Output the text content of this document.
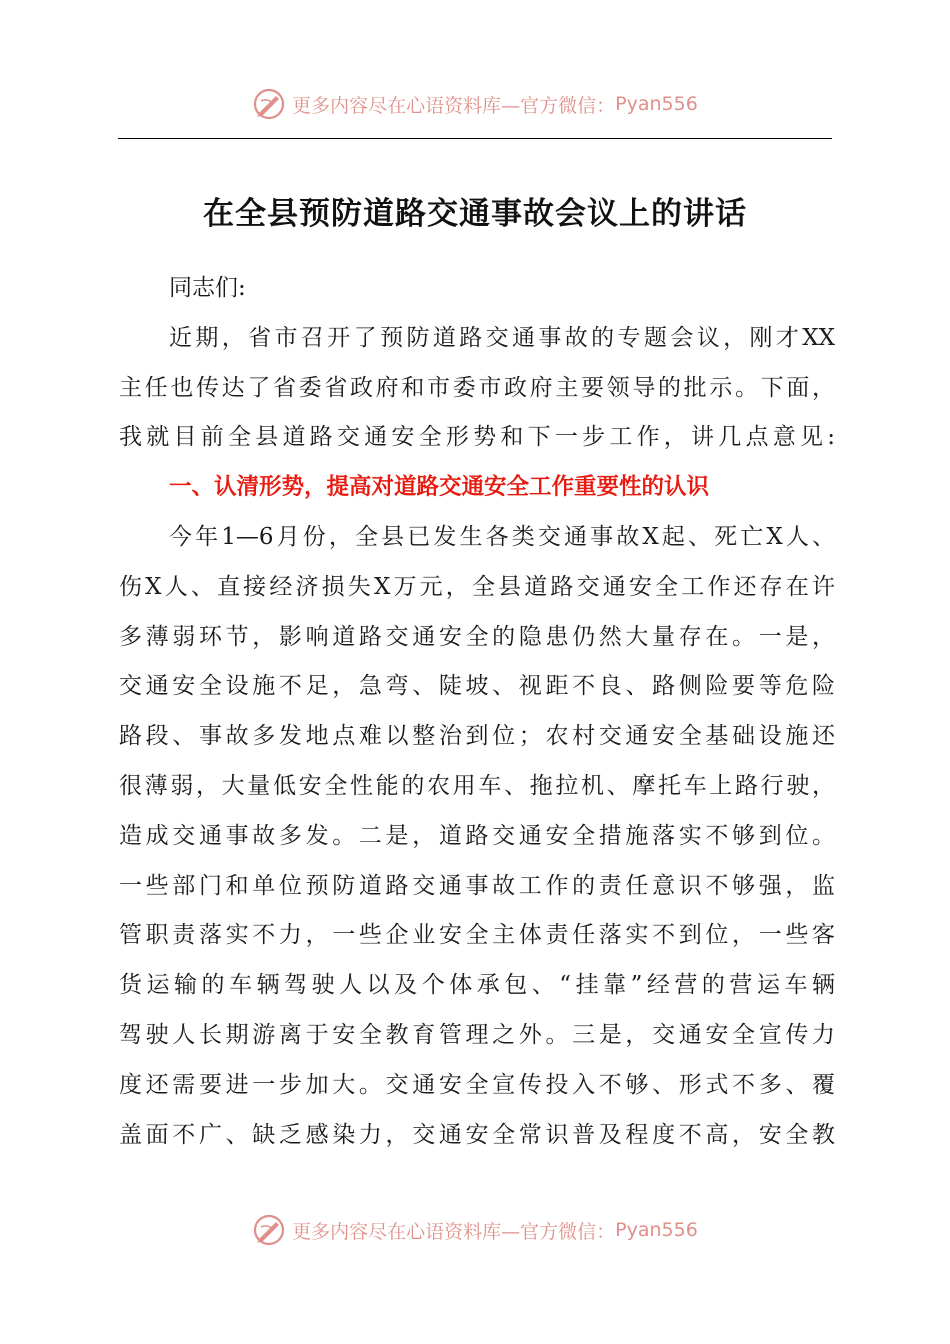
更多内容尽在心语资料库—官方微信： Pyan556
在全县预防道路交通事故会议上的讲话
同志们:
近期，省市召开了预防道路交通事故的专题会议，刚才XX
主任也传达了省委省政府和市委市政府主要领导的批示。下面，
我就目前全县道路交通安全形势和下一步工作，讲几点意见:
一、认清形势，提高对道路交通安全工作重要性的认识
今年1—6月份，全县已发生各类交通事故X起、死亡X人、
伤X人、直接经济损失X万元，全县道路交通安全工作还存在许
多薄弱环节，影响道路交通安全的隐患仍然大量存在。一是，
交通安全设施不足，急弯、陡坡、视距不良、路侧险要等危险
路段、事故多发地点难以整治到位；农村交通安全基础设施还
很薄弱，大量低安全性能的农用车、拖拉机、摩托车上路行驶，
造成交通事故多发。二是，道路交通安全措施落实不够到位。
一些部门和单位预防道路交通事故工作的责任意识不够强，监
管职责落实不力，一些企业安全主体责任落实不到位，一些客
货运输的车辆驾驶人以及个体承包、“挂靠”经营的营运车辆
驾驶人长期游离于安全教育管理之外。三是，交通安全宣传力
度还需要进一步加大。交通安全宣传投入不够、形式不多、覆
盖面不广、缺乏感染力，交通安全常识普及程度不高，安全教
更多内容尽在心语资料库—官方微信： Pyan556
